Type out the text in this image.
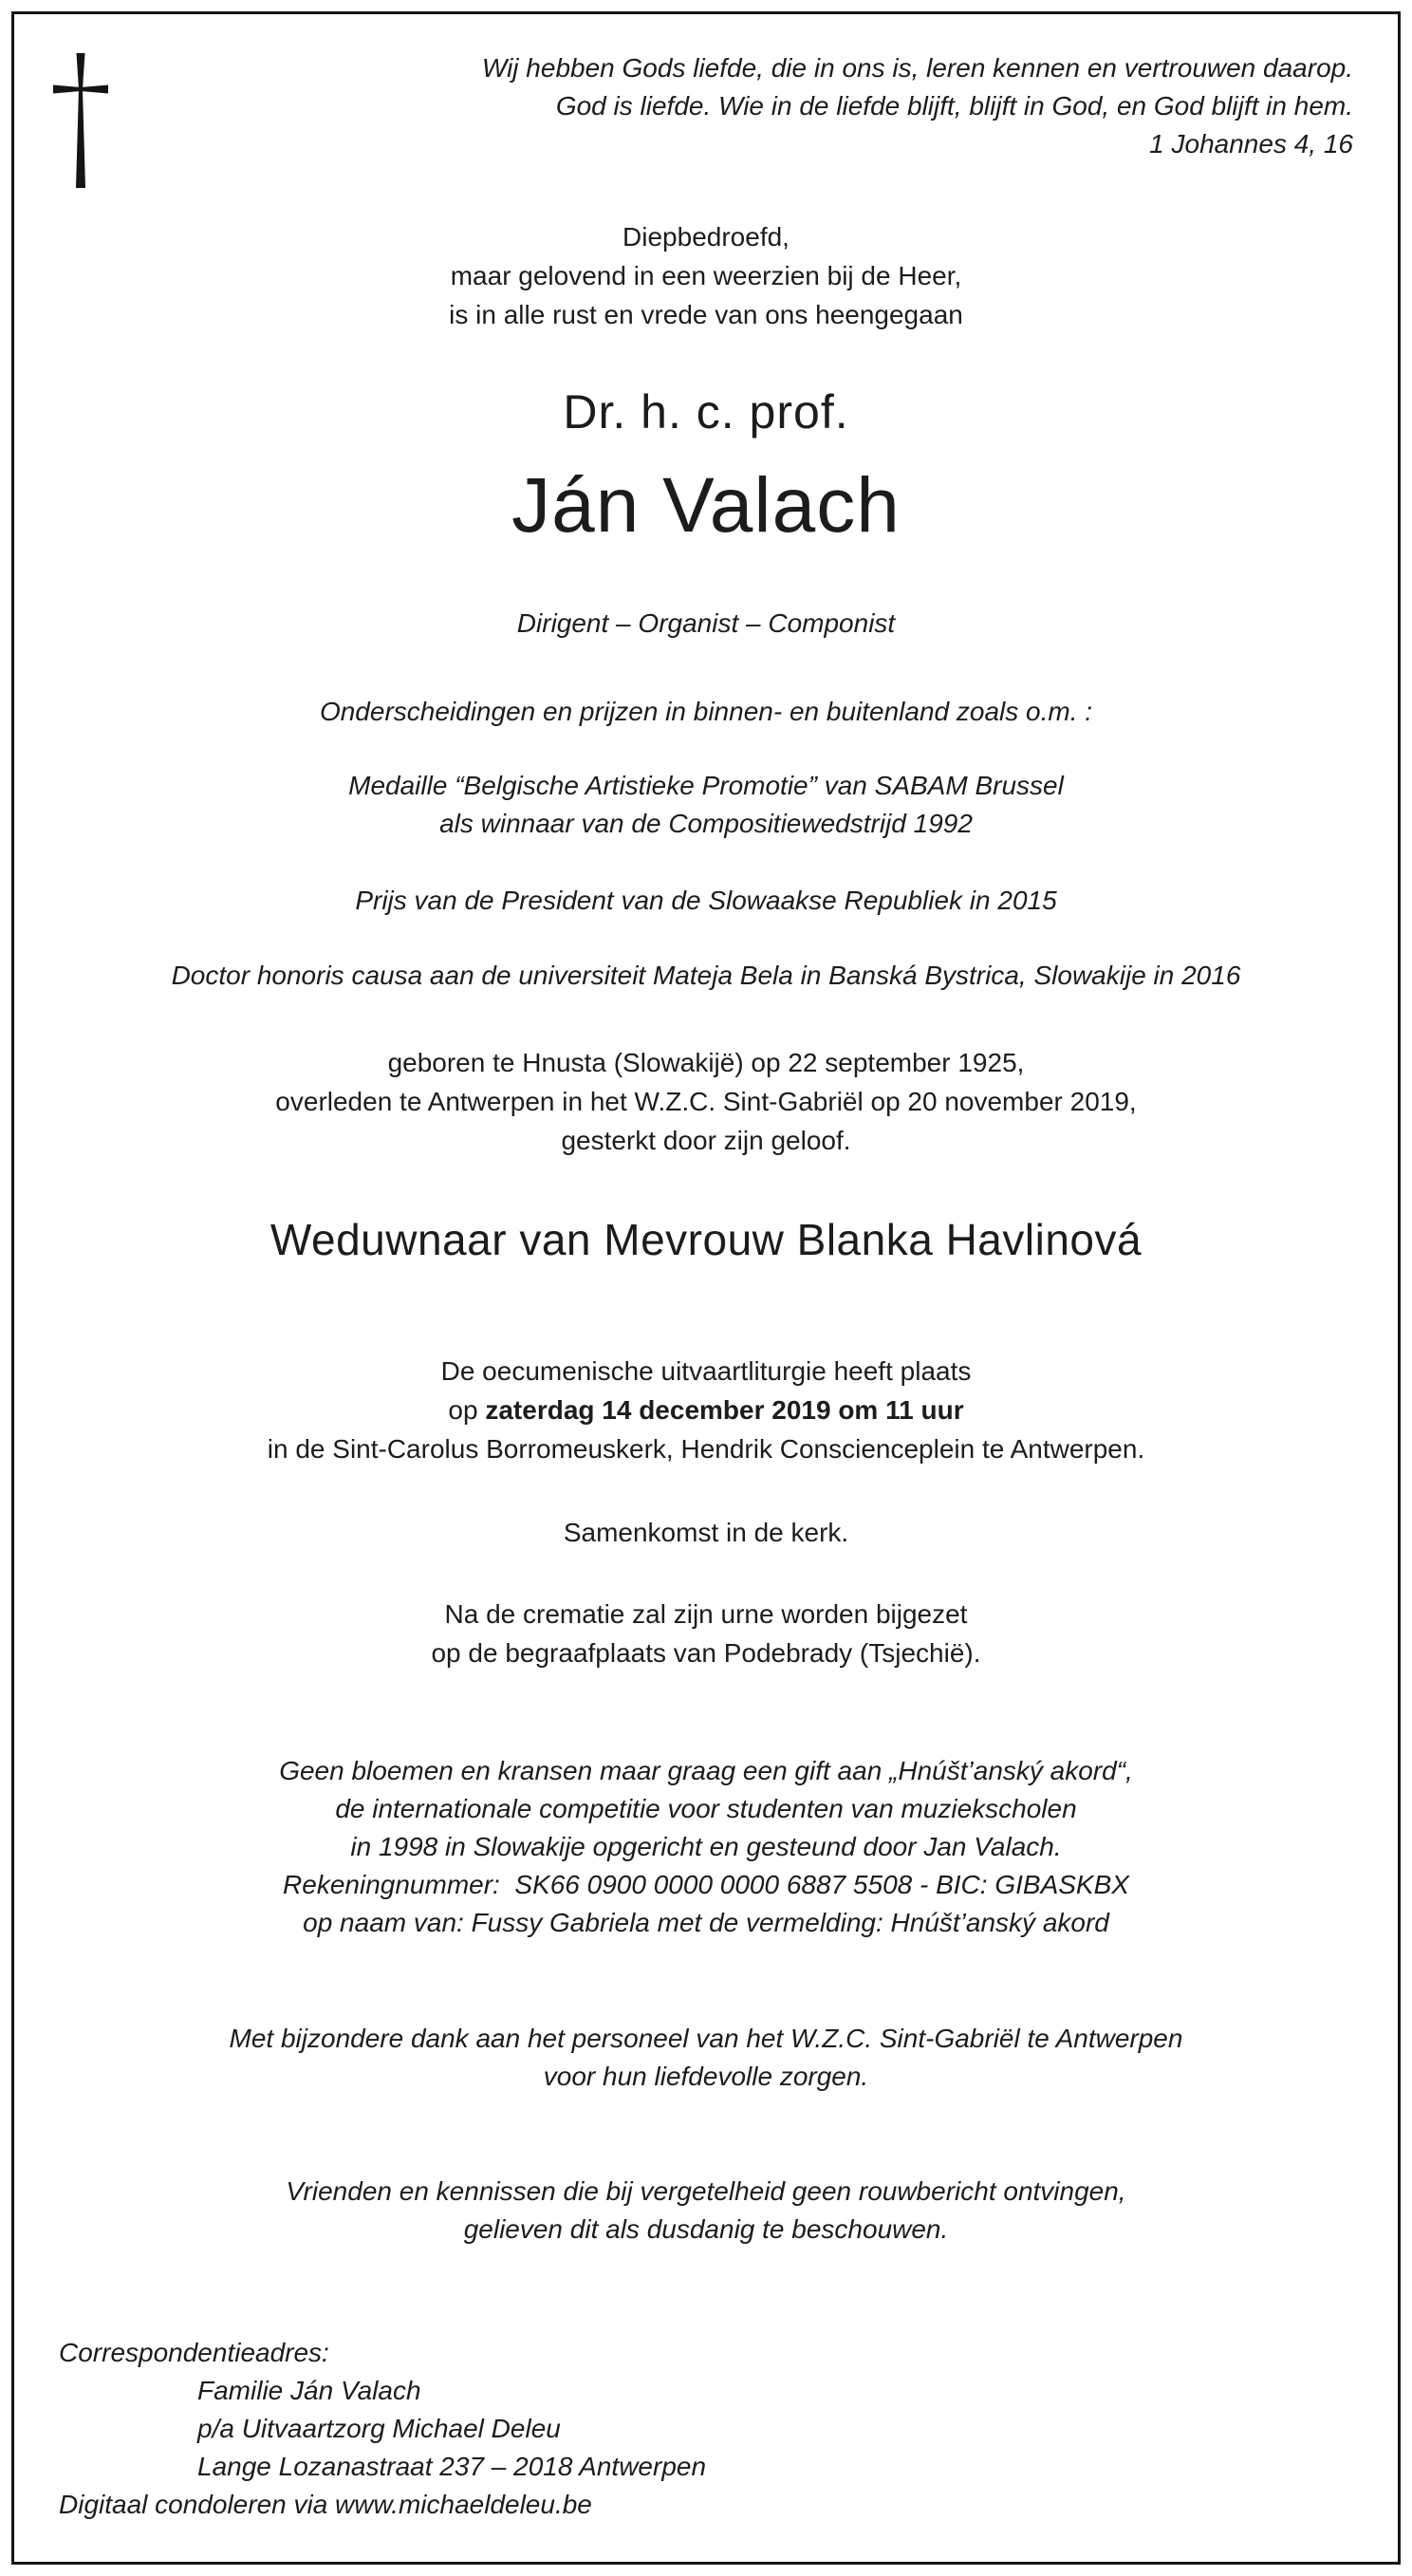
Wij hebben Gods liefde, die in ons is, leren kennen en vertrouwen daarop.
God is liefde. Wie in de liefde blijft, blijft in God, en God blijft in hem.
1 Johannes 4, 16
Diepbedroefd,
maar gelovend in een weerzien bij de Heer,
is in alle rust en vrede van ons heengegaan
Dr. h. c. prof.
Ján Valach
Dirigent – Organist – Componist
Onderscheidingen en prijzen in binnen- en buitenland zoals o.m. :
Medaille “Belgische Artistieke Promotie” van SABAM Brussel
als winnaar van de Compositiewedstrijd 1992
Prijs van de President van de Slowaakse Republiek in 2015
Doctor honoris causa aan de universiteit Mateja Bela in Banská Bystrica, Slowakije in 2016
geboren te Hnusta (Slowakijë) op 22 september 1925,
overleden te Antwerpen in het W.Z.C. Sint-Gabriël op 20 november 2019,
gesterkt door zijn geloof.
Weduwnaar van Mevrouw Blanka Havlinová
De oecumenische uitvaartliturgie heeft plaats
op zaterdag 14 december 2019 om 11 uur
in de Sint-Carolus Borromeuskerk, Hendrik Conscienceplein te Antwerpen.
Samenkomst in de kerk.
Na de crematie zal zijn urne worden bijgezet
op de begraafplaats van Podebrady (Tsjechië).
Geen bloemen en kransen maar graag een gift aan „Hnúšt’anský akord“,
de internationale competitie voor studenten van muziekscholen
in 1998 in Slowakije opgericht en gesteund door Jan Valach.
Rekeningnummer:  SK66 0900 0000 0000 6887 5508 - BIC: GIBASKBX
op naam van: Fussy Gabriela met de vermelding: Hnúšt’anský akord
Met bijzondere dank aan het personeel van het W.Z.C. Sint-Gabriël te Antwerpen
voor hun liefdevolle zorgen.
Vrienden en kennissen die bij vergetelheid geen rouwbericht ontvingen,
gelieven dit als dusdanig te beschouwen.
Correspondentieadres:
Familie Ján Valach
p/a Uitvaartzorg Michael Deleu
Lange Lozanastraat 237 – 2018 Antwerpen
Digitaal condoleren via www.michaeldeleu.be
